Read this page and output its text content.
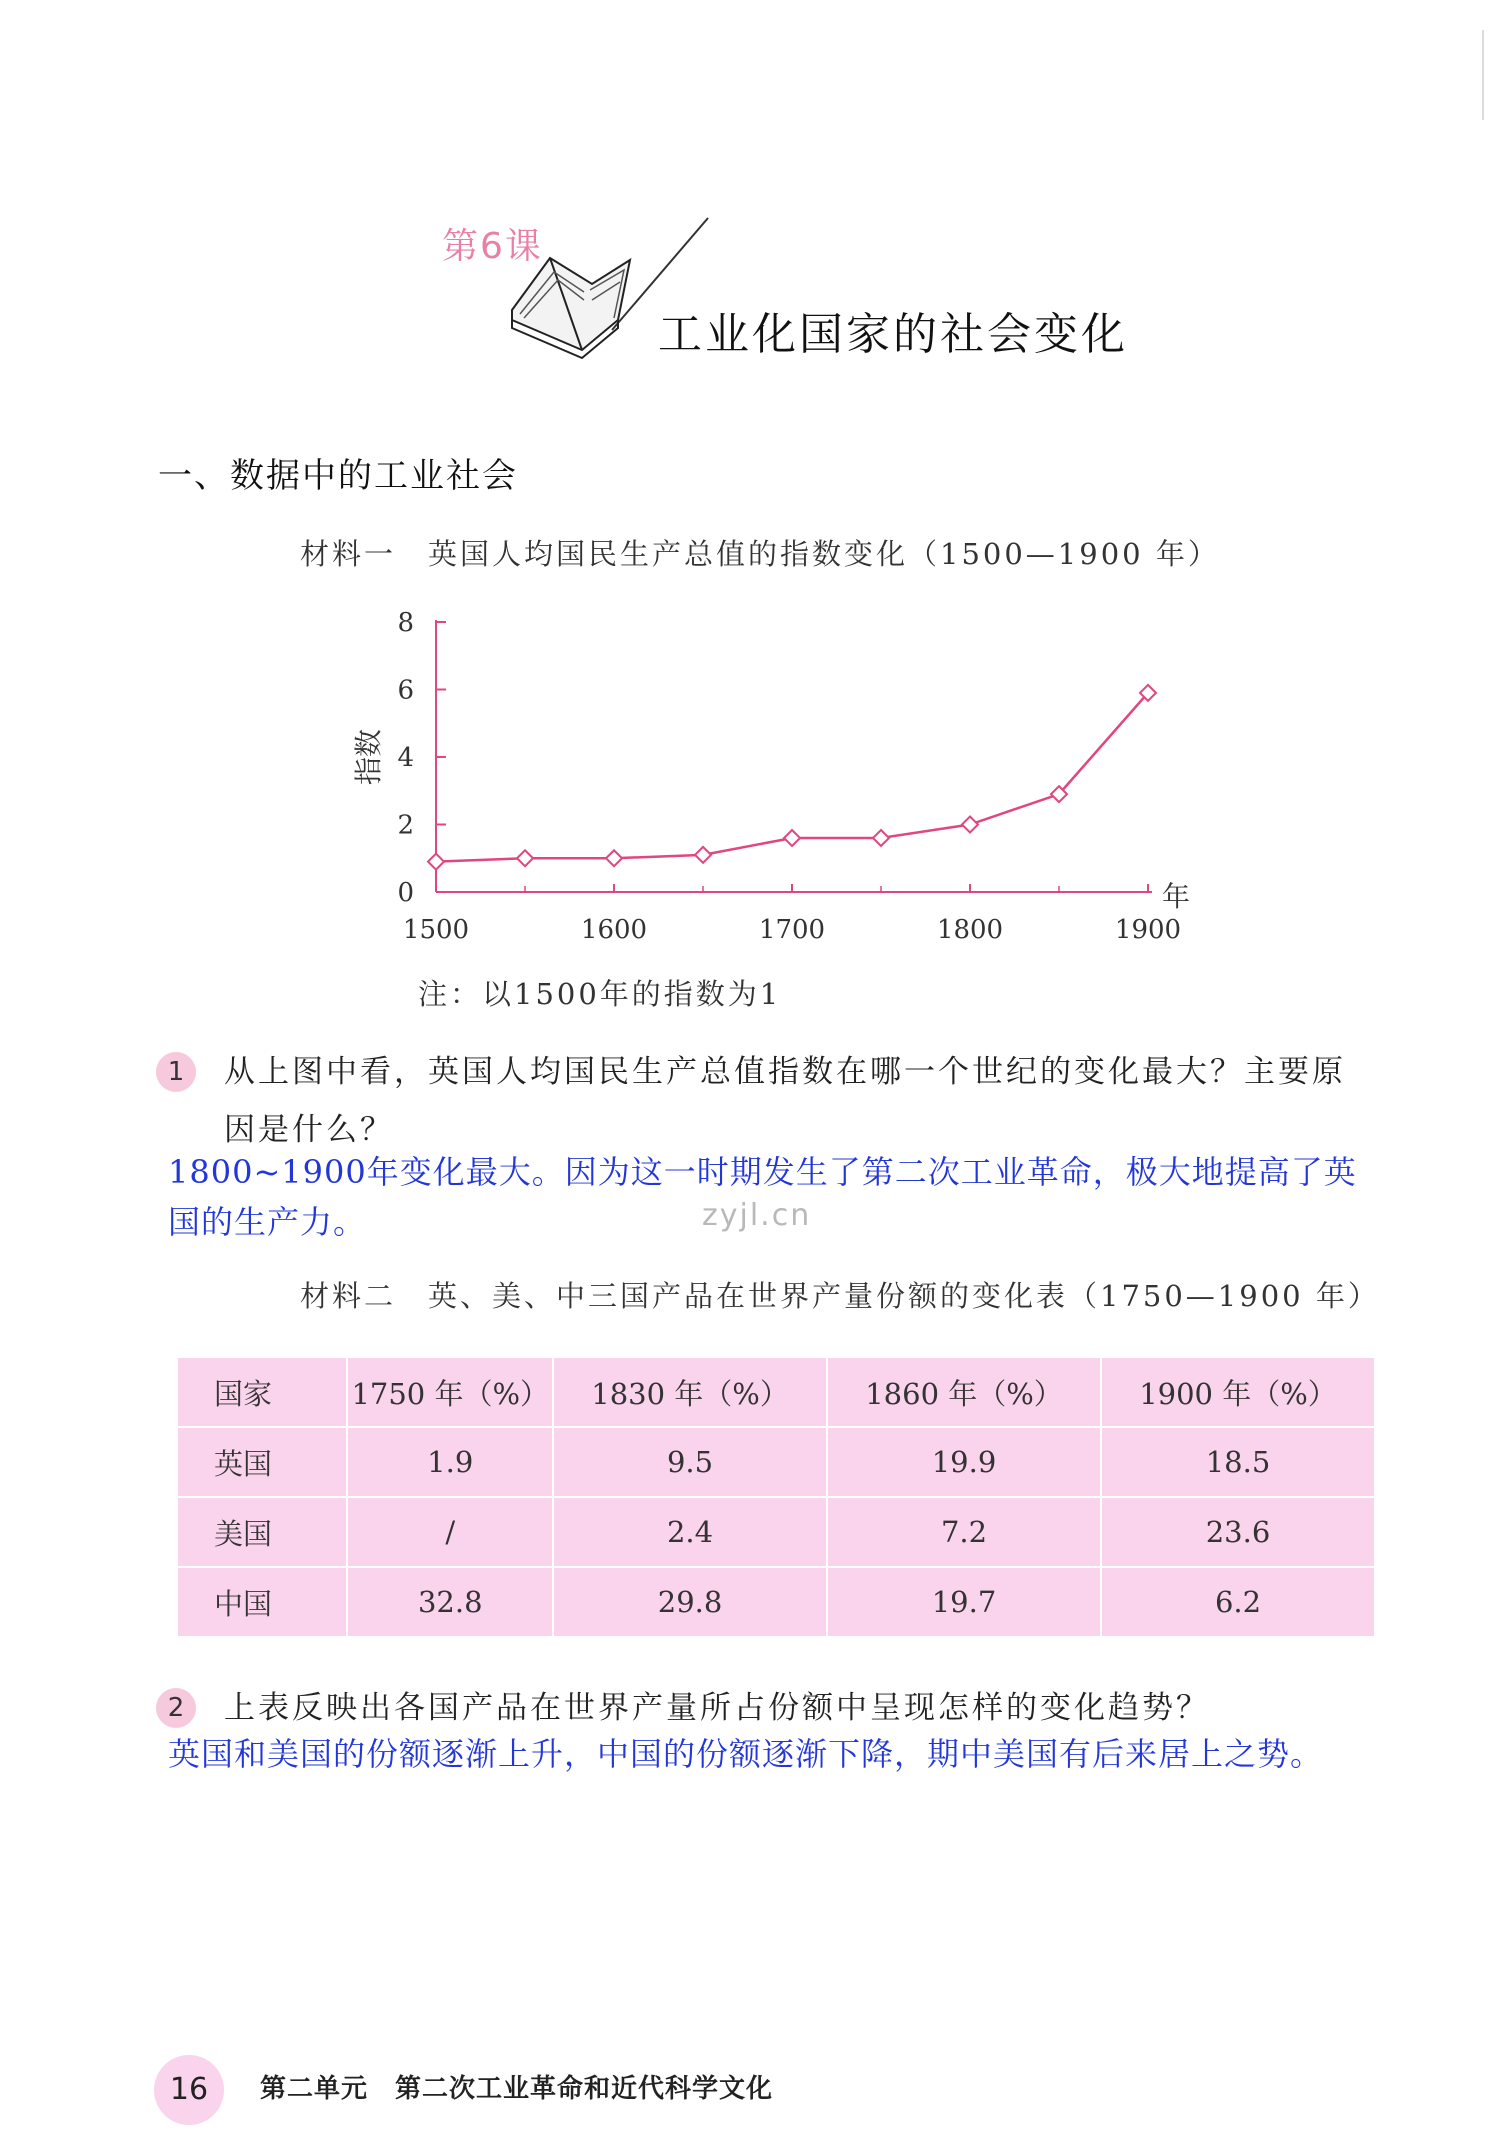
第6课
工业化国家的社会变化
一、数据中的工业社会
材料一　英国人均国民生产总值的指数变化（1500—1900 年）
0
2
4
6
8
1500	1600	1700	1800	1900
年
指数
注：以1500年的指数为1
1	从上图中看，英国人均国民生产总值指数在哪一个世纪的变化最大？主要原
因是什么？
1800~1900年变化最大。因为这一时期发生了第二次工业革命，极大地提高了英
国的生产力。	zyjl.cn
材料二　英、美、中三国产品在世界产量份额的变化表（1750—1900 年）
国家	1750 年（%）	1830 年（%）	1860 年（%）	1900 年（%）
英国	1.9	9.5	19.9	18.5
美国	/	2.4	7.2	23.6
中国	32.8	29.8	19.7	6.2
2	上表反映出各国产品在世界产量所占份额中呈现怎样的变化趋势？
英国和美国的份额逐渐上升，中国的份额逐渐下降，期中美国有后来居上之势。
16	第二单元　第二次工业革命和近代科学文化
